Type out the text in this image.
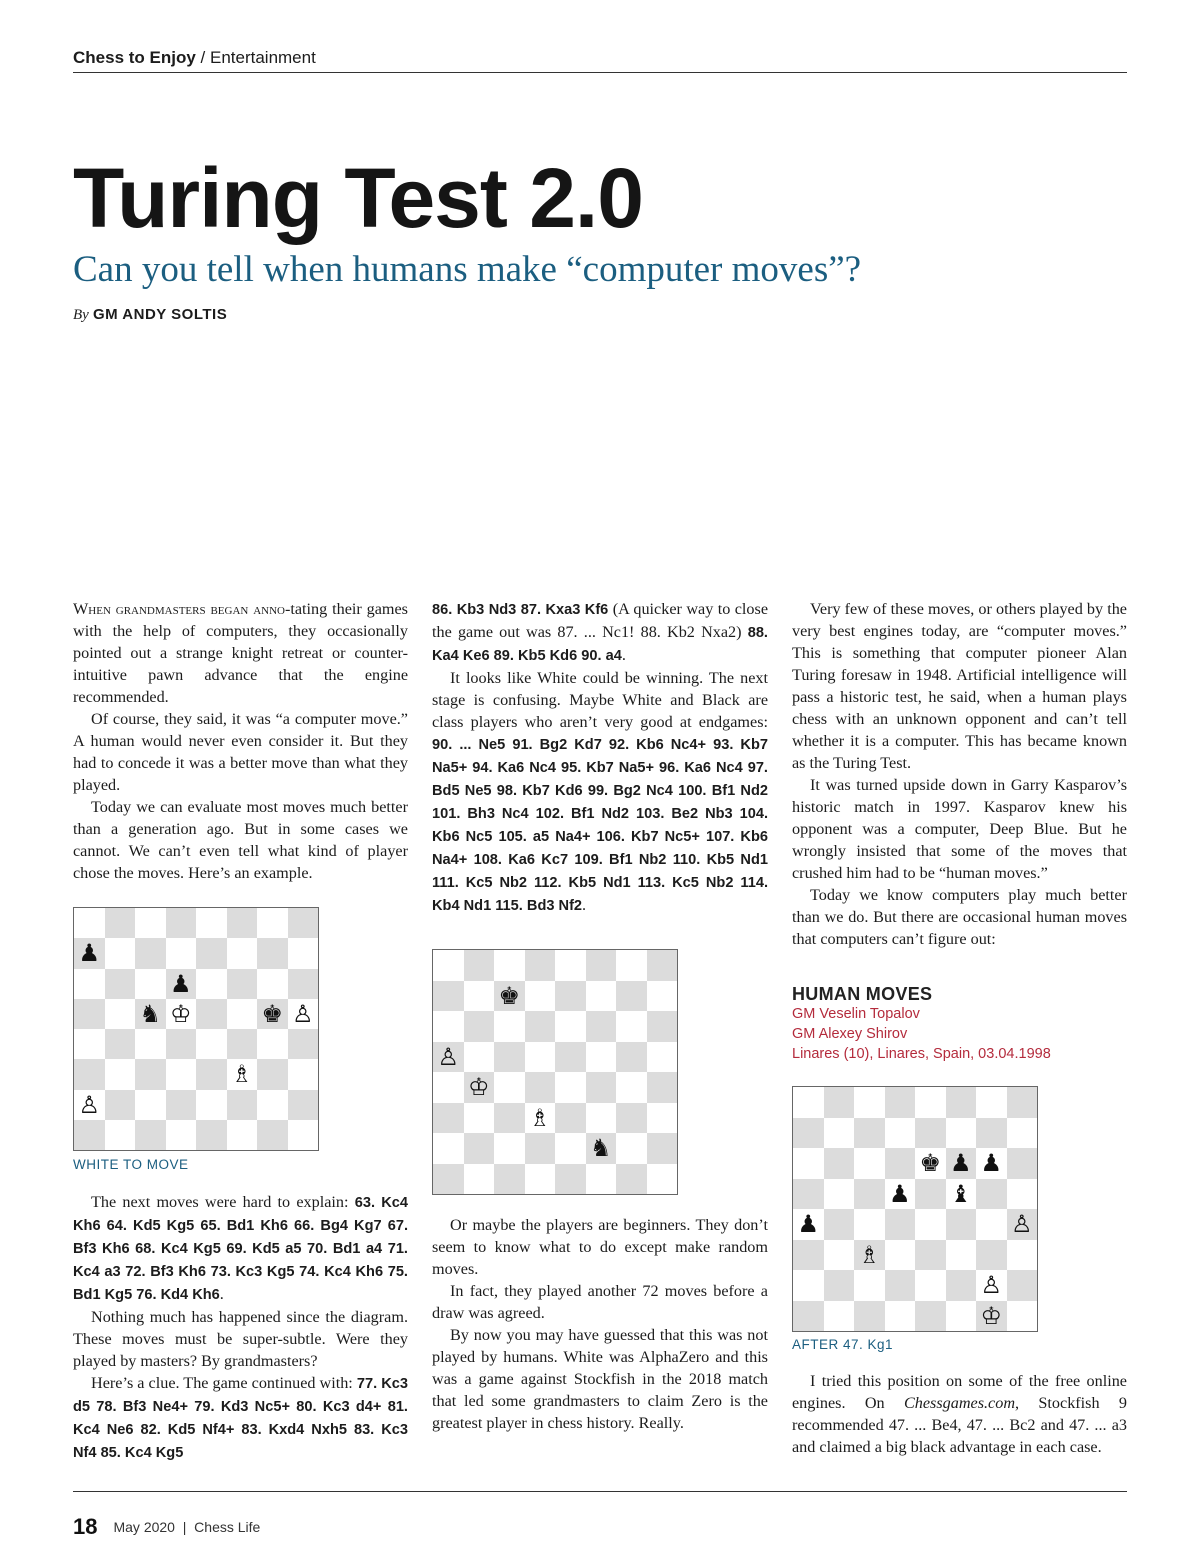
Chess to Enjoy / Entertainment
Turing Test 2.0
Can you tell when humans make “computer moves”?
By GM ANDY SOLTIS

When grandmasters began anno-tating their games with the help of computers, they occasionally pointed out a strange knight retreat or counter-intuitive pawn advance that the engine recommended.

Of course, they said, it was “a computer move.” A human would never even consider it. But they had to concede it was a better move than what they played.

Today we can evaluate most moves much better than a generation ago. But in some cases we cannot. We can’t even tell what kind of player chose the moves. Here’s an example.

♟
♟
♞ ♔	♚ ♙
♗
♙
WHITE TO MOVE

The next moves were hard to explain: 63. Kc4 Kh6 64. Kd5 Kg5 65. Bd1 Kh6 66. Bg4 Kg7 67. Bf3 Kh6 68. Kc4 Kg5 69. Kd5 a5 70. Bd1 a4 71. Kc4 a3 72. Bf3 Kh6 73. Kc3 Kg5 74. Kc4 Kh6 75. Bd1 Kg5 76. Kd4 Kh6.

Nothing much has happened since the diagram. These moves must be super-subtle. Were they played by masters? By grandmasters?

Here’s a clue. The game continued with: 77. Kc3 d5 78. Bf3 Ne4+ 79. Kd3 Nc5+ 80. Kc3 d4+ 81. Kc4 Ne6 82. Kd5 Nf4+ 83. Kxd4 Nxh5 83. Kc3 Nf4 85. Kc4 Kg5

86. Kb3 Nd3 87. Kxa3 Kf6 (A quicker way to close the game out was 87. ... Nc1! 88. Kb2 Nxa2) 88. Ka4 Ke6 89. Kb5 Kd6 90. a4.

It looks like White could be winning. The next stage is confusing. Maybe White and Black are class players who aren’t very good at endgames: 90. ... Ne5 91. Bg2 Kd7 92. Kb6 Nc4+ 93. Kb7 Na5+ 94. Ka6 Nc4 95. Kb7 Na5+ 96. Ka6 Nc4 97. Bd5 Ne5 98. Kb7 Kd6 99. Bg2 Nc4 100. Bf1 Nd2 101. Bh3 Nc4 102. Bf1 Nd2 103. Be2 Nb3 104. Kb6 Nc5 105. a5 Na4+ 106. Kb7 Nc5+ 107. Kb6 Na4+ 108. Ka6 Kc7 109. Bf1 Nb2 110. Kb5 Nd1 111. Kc5 Nb2 112. Kb5 Nd1 113. Kc5 Nb2 114. Kb4 Nd1 115. Bd3 Nf2.

♚
♙
♔
♗
♞

Or maybe the players are beginners. They don’t seem to know what to do except make random moves.

In fact, they played another 72 moves before a draw was agreed.

By now you may have guessed that this was not played by humans. White was AlphaZero and this was a game against Stockfish in the 2018 match that led some grandmasters to claim Zero is the greatest player in chess history. Really.

Very few of these moves, or others played by the very best engines today, are “computer moves.” This is something that computer pioneer Alan Turing foresaw in 1948. Artificial intelligence will pass a historic test, he said, when a human plays chess with an unknown opponent and can’t tell whether it is a computer. This has became known as the Turing Test.

It was turned upside down in Garry Kasparov’s historic match in 1997. Kasparov knew his opponent was a computer, Deep Blue. But he wrongly insisted that some of the moves that crushed him had to be “human moves.”

Today we know computers play much better than we do. But there are occasional human moves that computers can’t figure out:

HUMAN MOVES
GM Veselin Topalov
GM Alexey Shirov
Linares (10), Linares, Spain, 03.04.1998
♚ ♟ ♟
♟ ♝
♟	♙
♗
♙
♔
AFTER 47. Kg1

I tried this position on some of the free online engines. On Chessgames.com, Stockfish 9 recommended 47. ... Be4, 47. ... Bc2 and 47. ... a3 and claimed a big black advantage in each case.

18 May 2020 | Chess Life
